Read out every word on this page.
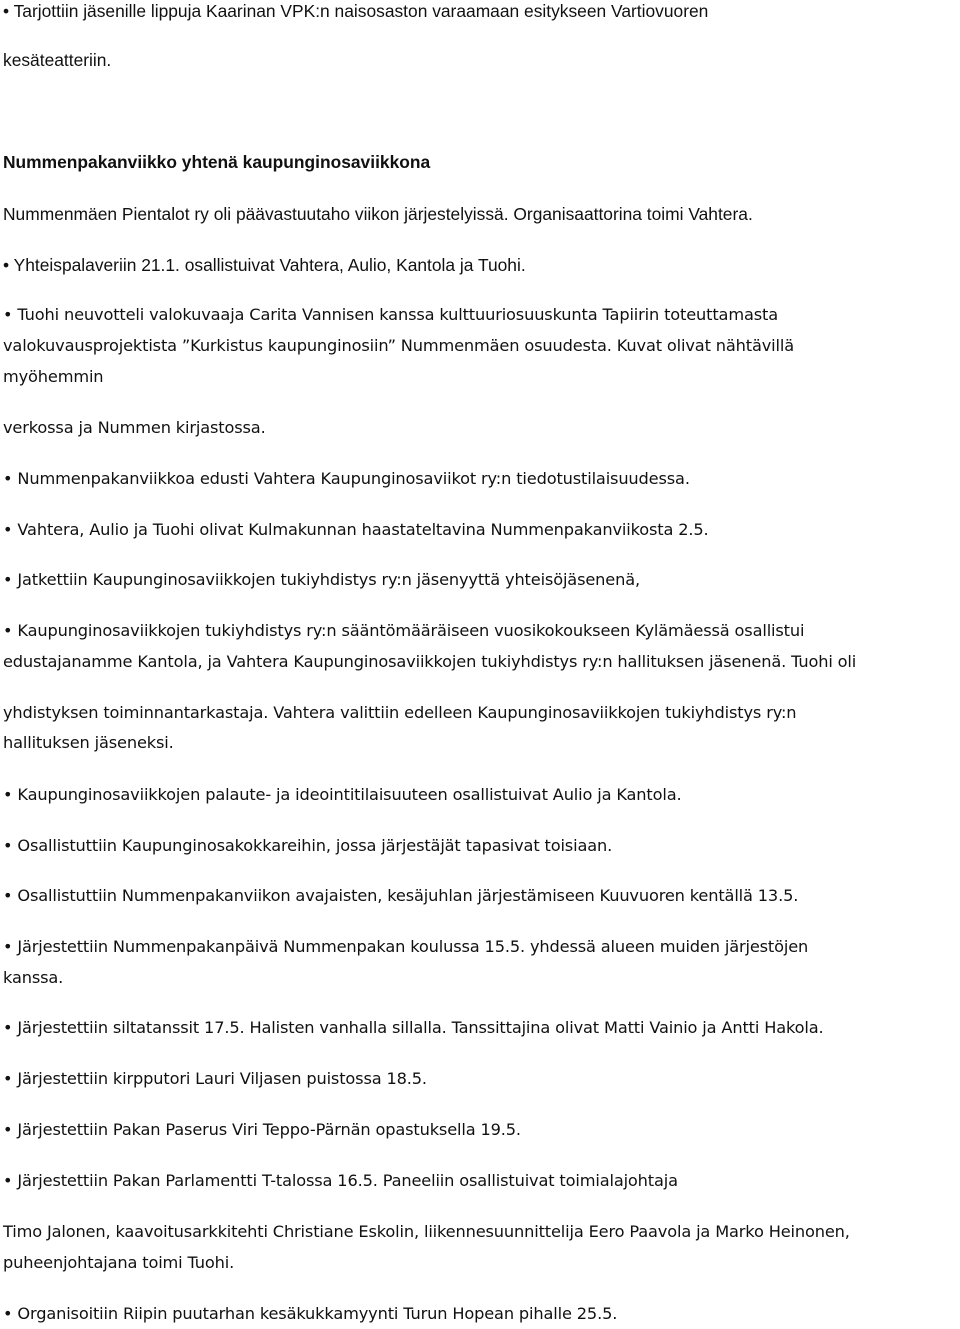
• Tarjottiin jäsenille lippuja Kaarinan VPK:n naisosaston varaamaan esitykseen Vartiovuoren
kesäteatteriin.
Nummenpakanviikko yhtenä kaupunginosaviikkona
Nummenmäen Pientalot ry oli päävastuutaho viikon järjestelyissä. Organisaattorina toimi Vahtera.
• Yhteispalaveriin 21.1. osallistuivat Vahtera, Aulio, Kantola ja Tuohi.
• Tuohi neuvotteli valokuvaaja Carita Vannisen kanssa kulttuuriosuuskunta Tapiirin toteuttamasta
valokuvausprojektista ”Kurkistus kaupunginosiin” Nummenmäen osuudesta. Kuvat olivat nähtävillä
myöhemmin
verkossa ja Nummen kirjastossa.
• Nummenpakanviikkoa edusti Vahtera Kaupunginosaviikot ry:n tiedotustilaisuudessa.
• Vahtera, Aulio ja Tuohi olivat Kulmakunnan haastateltavina Nummenpakanviikosta 2.5.
• Jatkettiin Kaupunginosaviikkojen tukiyhdistys ry:n jäsenyyttä yhteisöjäsenenä,
• Kaupunginosaviikkojen tukiyhdistys ry:n sääntömääräiseen vuosikokoukseen Kylämäessä osallistui
edustajanamme Kantola, ja Vahtera Kaupunginosaviikkojen tukiyhdistys ry:n hallituksen jäsenenä. Tuohi oli
yhdistyksen toiminnantarkastaja. Vahtera valittiin edelleen Kaupunginosaviikkojen tukiyhdistys ry:n
hallituksen jäseneksi.
• Kaupunginosaviikkojen palaute- ja ideointitilaisuuteen osallistuivat Aulio ja Kantola.
• Osallistuttiin Kaupunginosakokkareihin, jossa järjestäjät tapasivat toisiaan.
• Osallistuttiin Nummenpakanviikon avajaisten, kesäjuhlan järjestämiseen Kuuvuoren kentällä 13.5.
• Järjestettiin Nummenpakanpäivä Nummenpakan koulussa 15.5. yhdessä alueen muiden järjestöjen
kanssa.
• Järjestettiin siltatanssit 17.5. Halisten vanhalla sillalla. Tanssittajina olivat Matti Vainio ja Antti Hakola.
• Järjestettiin kirpputori Lauri Viljasen puistossa 18.5.
• Järjestettiin Pakan Paserus Viri Teppo-Pärnän opastuksella 19.5.
• Järjestettiin Pakan Parlamentti T-talossa 16.5. Paneeliin osallistuivat toimialajohtaja
Timo Jalonen, kaavoitusarkkitehti Christiane Eskolin, liikennesuunnittelija Eero Paavola ja Marko Heinonen,
puheenjohtajana toimi Tuohi.
• Organisoitiin Riipin puutarhan kesäkukkamyynti Turun Hopean pihalle 25.5.
